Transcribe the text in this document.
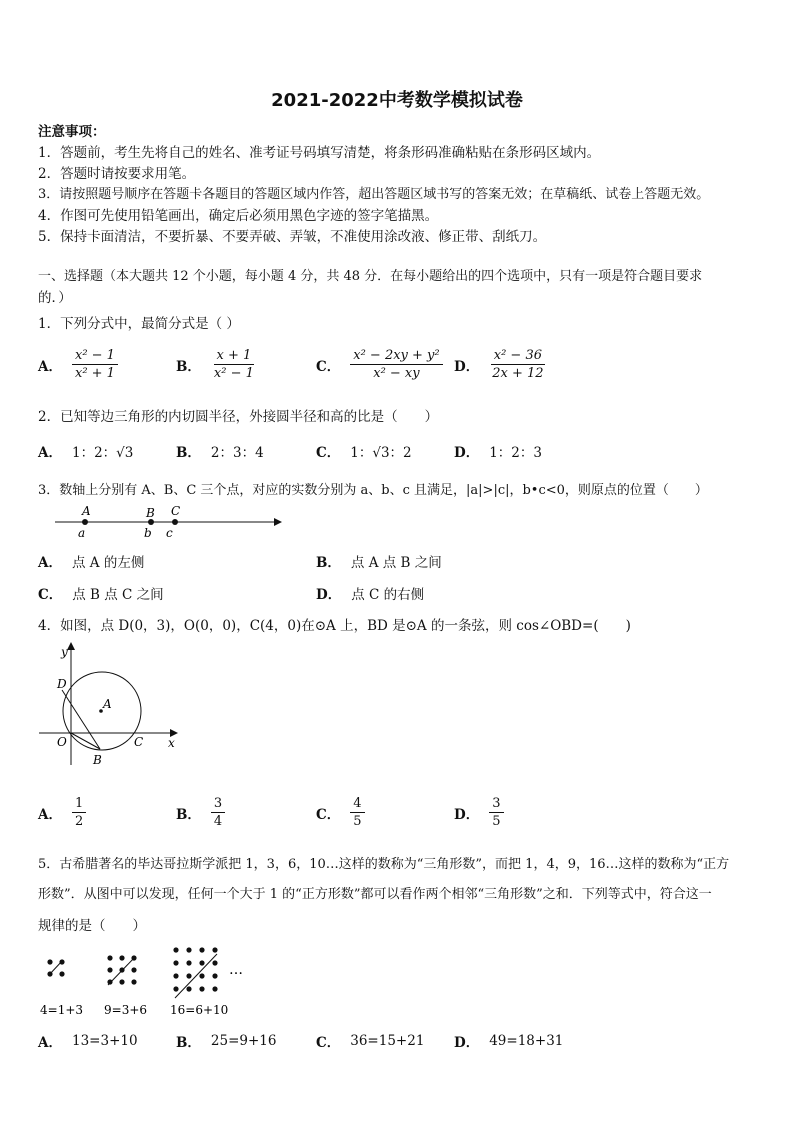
2021-2022中考数学模拟试卷
注意事项：
1．答题前，考生先将自己的姓名、准考证号码填写清楚，将条形码准确粘贴在条形码区域内。
2．答题时请按要求用笔。
3．请按照题号顺序在答题卡各题目的答题区域内作答，超出答题区域书写的答案无效；在草稿纸、试卷上答题无效。
4．作图可先使用铅笔画出，确定后必须用黑色字迹的签字笔描黑。
5．保持卡面清洁，不要折暴、不要弄破、弄皱，不准使用涂改液、修正带、刮纸刀。
一、选择题（本大题共 12 个小题，每小题 4 分，共 48 分．在每小题给出的四个选项中，只有一项是符合题目要求
的．）
1．下列分式中，最简分式是（ ）
A． $\frac{\text{x² − 1}}{\text{x² + 1}}$	B． $\frac{x + 1}{\text{x² − 1}}$	C． $\frac{\text{x² − 2xy + y²}}{\text{x² − xy}}$ D． $\frac{\text{x² − 36}}{2x + 12}$
2．已知等边三角形的内切圆半径，外接圆半径和高的比是（　　）
A． 1：2：√3	B． 2：3：4	C． 1：√3：2	D． 1：2：3
3．数轴上分别有 A、B、C 三个点，对应的实数分别为 a、b、c 且满足，|a|>|c|，b•c<0，则原点的位置（　　）
A	B C
a	b c
A． 点 A 的左侧	B． 点 A 点 B 之间
C． 点 B 点 C 之间	D． 点 C 的右侧
4．如图，点 D(0，3)，O(0，0)，C(4，0)在⊙A 上，BD 是⊙A 的一条弦，则 cos∠OBD=(　　)
y
D
A
O	C x
B
A． $\frac{1}{2}$	B． $\frac{3}{4}$	C． $\frac{4}{5}$	D． $\frac{3}{5}$
5．古希腊著名的毕达哥拉斯学派把 1，3，6，10…这样的数称为“三角形数”，而把 1，4，9，16…这样的数称为“正方
形数”．从图中可以发现，任何一个大于 1 的“正方形数”都可以看作两个相邻“三角形数”之和．下列等式中，符合这一
规律的是（　　）
…
4=1+3 9=3+6 16=6+10
A． 13=3+10	B． 25=9+16	C． 36=15+21 D． 49=18+31
